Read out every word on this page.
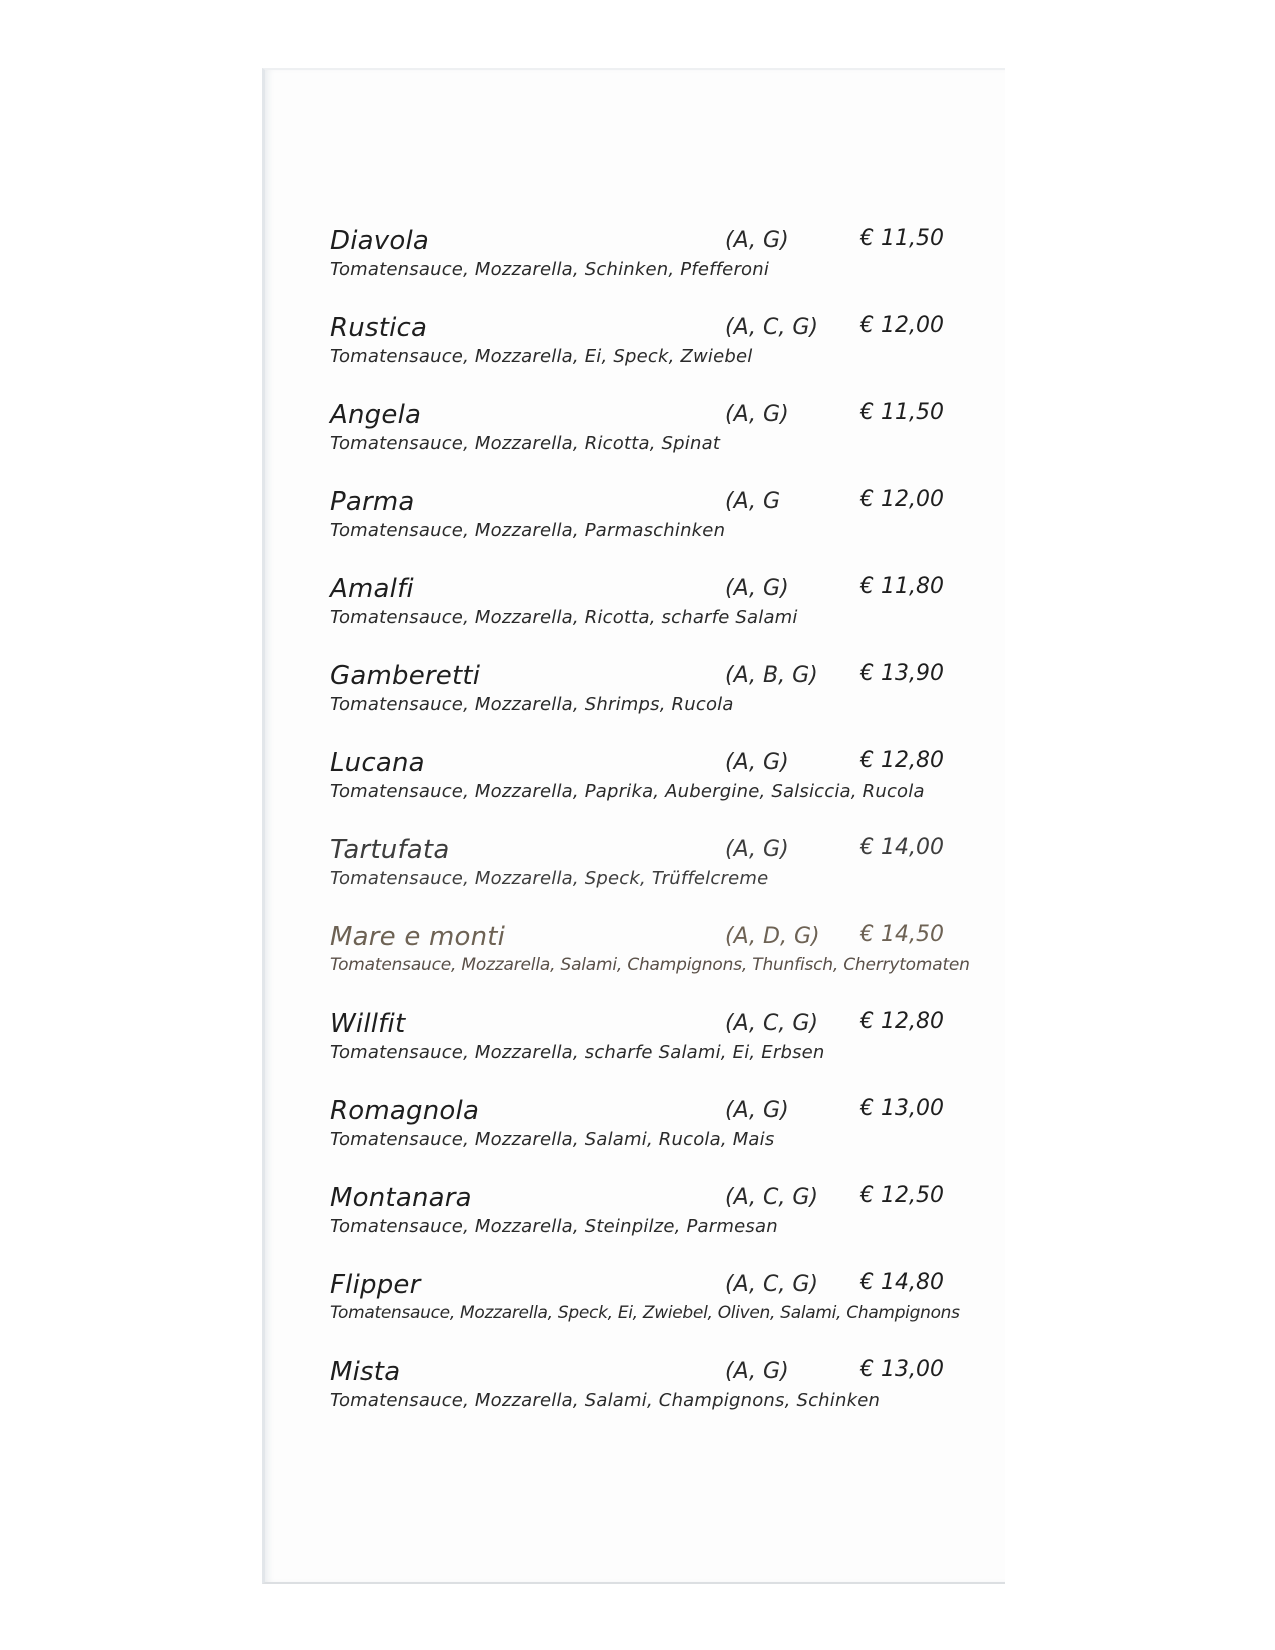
Diavola	(A, G)	€ 11,50
Tomatensauce, Mozzarella, Schinken, Pfefferoni
Rustica	(A, C, G) € 12,00
Tomatensauce, Mozzarella, Ei, Speck, Zwiebel
Angela	(A, G)	€ 11,50
Tomatensauce, Mozzarella, Ricotta, Spinat
Parma	(A, G	€ 12,00
Tomatensauce, Mozzarella, Parmaschinken
Amalfi	(A, G)	€ 11,80
Tomatensauce, Mozzarella, Ricotta, scharfe Salami
Gamberetti	(A, B, G) € 13,90
Tomatensauce, Mozzarella, Shrimps, Rucola
Lucana	(A, G)	€ 12,80
Tomatensauce, Mozzarella, Paprika, Aubergine, Salsiccia, Rucola
Tartufata	(A, G)	€ 14,00
Tomatensauce, Mozzarella, Speck, Trüffelcreme
Mare e monti	(A, D, G) € 14,50
Tomatensauce, Mozzarella, Salami, Champignons, Thunfisch, Cherrytomaten
Willfit	(A, C, G) € 12,80
Tomatensauce, Mozzarella, scharfe Salami, Ei, Erbsen
Romagnola	(A, G)	€ 13,00
Tomatensauce, Mozzarella, Salami, Rucola, Mais
Montanara	(A, C, G) € 12,50
Tomatensauce, Mozzarella, Steinpilze, Parmesan
Flipper	(A, C, G) € 14,80
Tomatensauce, Mozzarella, Speck, Ei, Zwiebel, Oliven, Salami, Champignons
Mista	(A, G)	€ 13,00
Tomatensauce, Mozzarella, Salami, Champignons, Schinken
